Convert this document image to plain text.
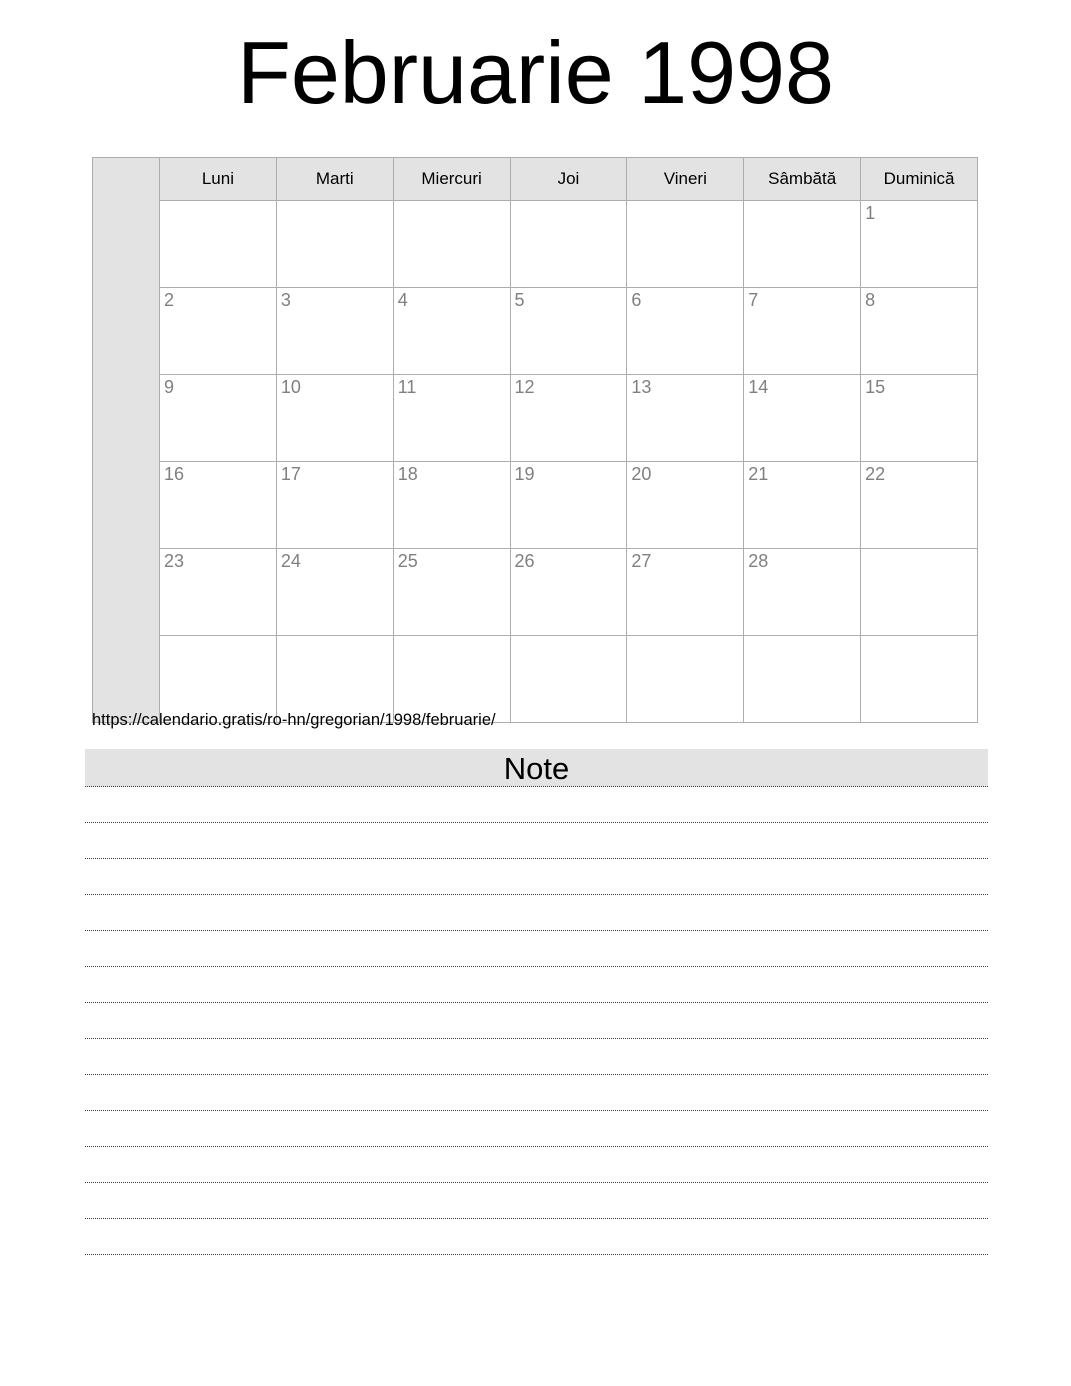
Februarie 1998
	Luni	Marti	Miercuri	Joi	Vineri	Sâmbătă	Duminică
							1
	2	3	4	5	6	7	8
	9	10	11	12	13	14	15
	16	17	18	19	20	21	22
	23	24	25	26	27	28	

https://calendario.gratis/ro-hn/gregorian/1998/februarie/
Note
